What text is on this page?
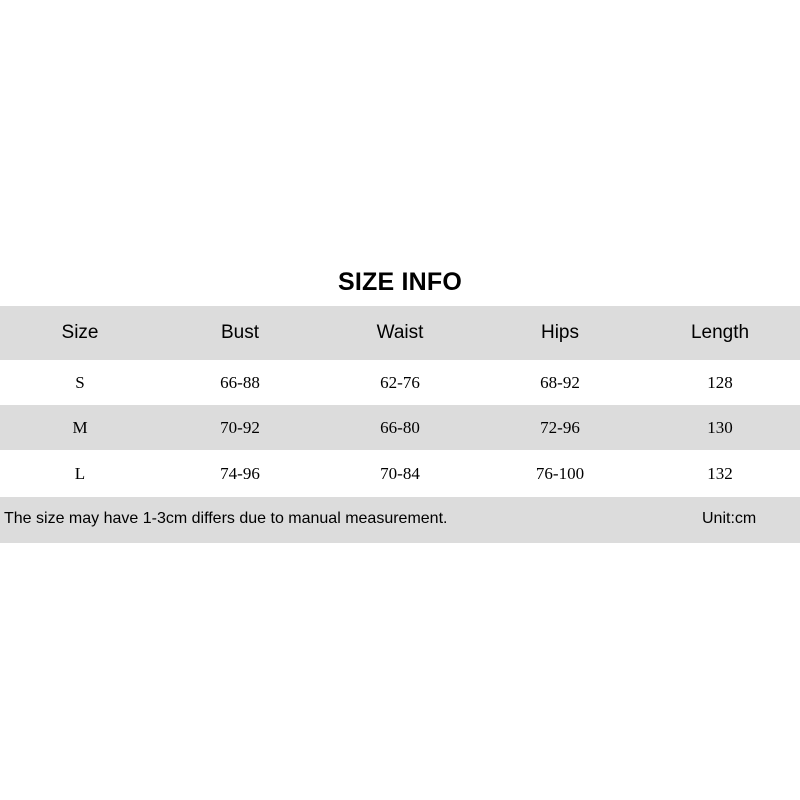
SIZE INFO
Size	Bust	Waist	Hips	Length
S	66-88	62-76	68-92	128
M	70-92	66-80	72-96	130
L	74-96	70-84	76-100	132
The size may have 1-3cm differs due to manual measurement.	Unit:cm
